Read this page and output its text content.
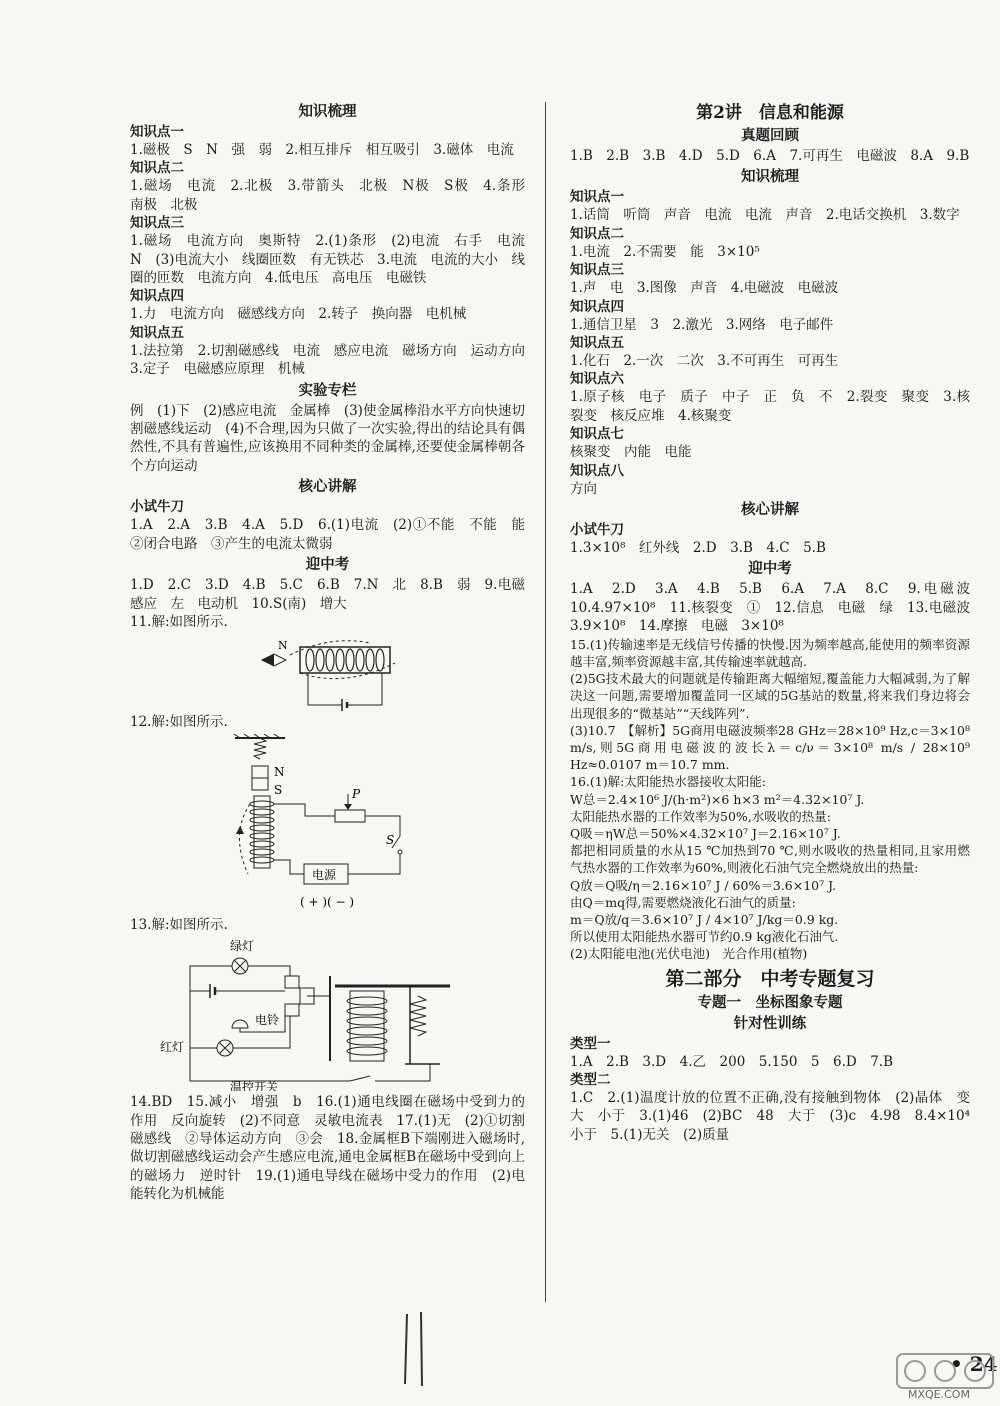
知识梳理
知识点一
1.磁极　S　N　强　弱　2.相互排斥　相互吸引　3.磁体　电流
知识点二
1.磁场　电流　2.北极　3.带箭头　北极　N极　S极　4.条形　南极　北极
知识点三
1.磁场　电流方向　奥斯特　2.(1)条形　(2)电流　右手　电流　N　(3)电流大小　线圈匝数　有无铁芯　3.电流　电流的大小　线圈的匝数　电流方向　4.低电压　高电压　电磁铁
知识点四
1.力　电流方向　磁感线方向　2.转子　换向器　电机械
知识点五
1.法拉第　2.切割磁感线　电流　感应电流　磁场方向　运动方向　3.定子　电磁感应原理　机械
实验专栏
例　(1)下　(2)感应电流　金属棒　(3)使金属棒沿水平方向快速切割磁感线运动　(4)不合理,因为只做了一次实验,得出的结论具有偶然性,不具有普遍性,应该换用不同种类的金属棒,还要使金属棒朝各个方向运动
核心讲解
小试牛刀
1.A　2.A　3.B　4.A　5.D　6.(1)电流　(2)①不能　不能　能　②闭合电路　③产生的电流太微弱
迎中考
1.D　2.C　3.D　4.B　5.C　6.B　7.N　北　8.B　弱　9.电磁感应　左　电动机　10.S(南)　增大
11.解:如图所示.
N
12.解:如图所示.
N
S	P
S
电源
( + )( − )
13.解:如图所示.
绿灯
电铃
红灯
温控开关
14.BD　15.减小　增强　b　16.(1)通电线圈在磁场中受到力的作用　反向旋转　(2)不同意　灵敏电流表　17.(1)无　(2)①切割磁感线　②导体运动方向　③会　18.金属框B下端刚进入磁场时,做切割磁感线运动会产生感应电流,通电金属框B在磁场中受到向上的磁场力　逆时针　19.(1)通电导线在磁场中受力的作用　(2)电能转化为机械能
第2讲　信息和能源
真题回顾
1.B　2.B　3.B　4.D　5.D　6.A　7.可再生　电磁波　8.A　9.B
知识梳理
知识点一
1.话筒　听筒　声音　电流　电流　声音　2.电话交换机　3.数字
知识点二
1.电流　2.不需要　能　3×10⁵
知识点三
1.声　电　3.图像　声音　4.电磁波　电磁波
知识点四
1.通信卫星　3　2.激光　3.网络　电子邮件
知识点五
1.化石　2.一次　二次　3.不可再生　可再生
知识点六
1.原子核　电子　质子　中子　正　负　不　2.裂变　聚变　3.核裂变　核反应堆　4.核聚变
知识点七
核聚变　内能　电能
知识点八
方向
核心讲解
小试牛刀
1.3×10⁸　红外线　2.D　3.B　4.C　5.B
迎中考
1.A　2.D　3.A　4.B　5.B　6.A　7.A　8.C　9.电磁波　10.4.97×10⁸　11.核裂变　①　12.信息　电磁　绿　13.电磁波　3.9×10⁸　14.摩擦　电磁　3×10⁸
15.(1)传输速率是无线信号传播的快慢.因为频率越高,能使用的频率资源越丰富,频率资源越丰富,其传输速率就越高.
(2)5G技术最大的问题就是传输距离大幅缩短,覆盖能力大幅减弱,为了解决这一问题,需要增加覆盖同一区域的5G基站的数量,将来我们身边将会出现很多的“微基站”“天线阵列”.
(3)10.7　【解析】5G商用电磁波频率28 GHz＝28×10⁹ Hz,c＝3×10⁸ m/s,则5G商用电磁波的波长λ＝c/ν＝3×10⁸ m/s / 28×10⁹ Hz≈0.0107 m＝10.7 mm.
16.(1)解:太阳能热水器接收太阳能:
W总＝2.4×10⁶ J/(h·m²)×6 h×3 m²＝4.32×10⁷ J.
太阳能热水器的工作效率为50%,水吸收的热量:
Q吸＝ηW总＝50%×4.32×10⁷ J＝2.16×10⁷ J.
都把相同质量的水从15 ℃加热到70 ℃,则水吸收的热量相同,且家用燃气热水器的工作效率为60%,则液化石油气完全燃烧放出的热量:
Q放＝Q吸/η＝2.16×10⁷ J / 60%＝3.6×10⁷ J.
由Q＝mq得,需要燃烧液化石油气的质量:
m＝Q放/q＝3.6×10⁷ J / 4×10⁷ J/kg＝0.9 kg.
所以使用太阳能热水器可节约0.9 kg液化石油气.
(2)太阳能电池(光伏电池)　光合作用(植物)
第二部分　中考专题复习
专题一　坐标图象专题
针对性训练
类型一
1.A　2.B　3.D　4.乙　200　5.150　5　6.D　7.B
类型二
1.C　2.(1)温度计放的位置不正确,没有接触到物体　(2)晶体　变大　小于　3.(1)46　(2)BC　48　大于　(3)c　4.98　8.4×10⁴　小于　5.(1)无关　(2)质量
• 24
MXQE.COM
